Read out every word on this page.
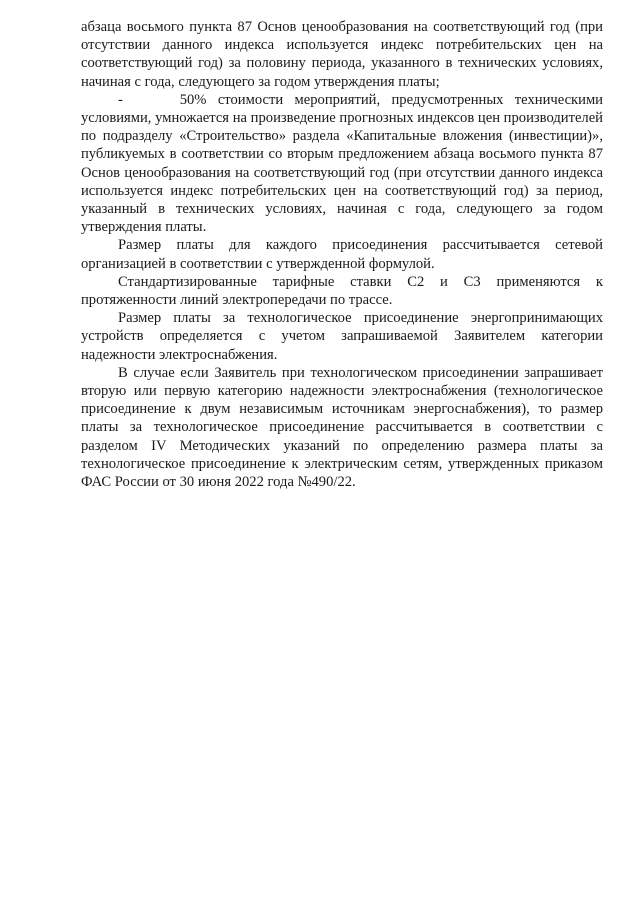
абзаца восьмого пункта 87 Основ ценообразования на соответствующий год (при отсутствии данного индекса используется индекс потребительских цен на соответствующий год) за половину периода, указанного в технических условиях, начиная с года, следующего за годом утверждения платы;

-     50% стоимости мероприятий, предусмотренных техническими условиями, умножается на произведение прогнозных индексов цен производителей по подразделу «Строительство» раздела «Капитальные вложения (инвестиции)», публикуемых в соответствии со вторым предложением абзаца восьмого пункта 87 Основ ценообразования на соответствующий год (при отсутствии данного индекса используется индекс потребительских цен на соответствующий год) за период, указанный в технических условиях, начиная с года, следующего за годом утверждения платы.

Размер платы для каждого присоединения рассчитывается сетевой организацией в соответствии с утвержденной формулой.

Стандартизированные тарифные ставки С2 и С3 применяются к протяженности линий электропередачи по трассе.

Размер платы за технологическое присоединение энергопринимающих устройств определяется с учетом запрашиваемой Заявителем категории надежности электроснабжения.

В случае если Заявитель при технологическом присоединении запрашивает вторую или первую категорию надежности электроснабжения (технологическое присоединение к двум независимым источникам энергоснабжения), то размер платы за технологическое присоединение рассчитывается в соответствии с разделом IV Методических указаний по определению размера платы за технологическое присоединение к электрическим сетям, утвержденных приказом ФАС России от 30 июня 2022 года №490/22.
